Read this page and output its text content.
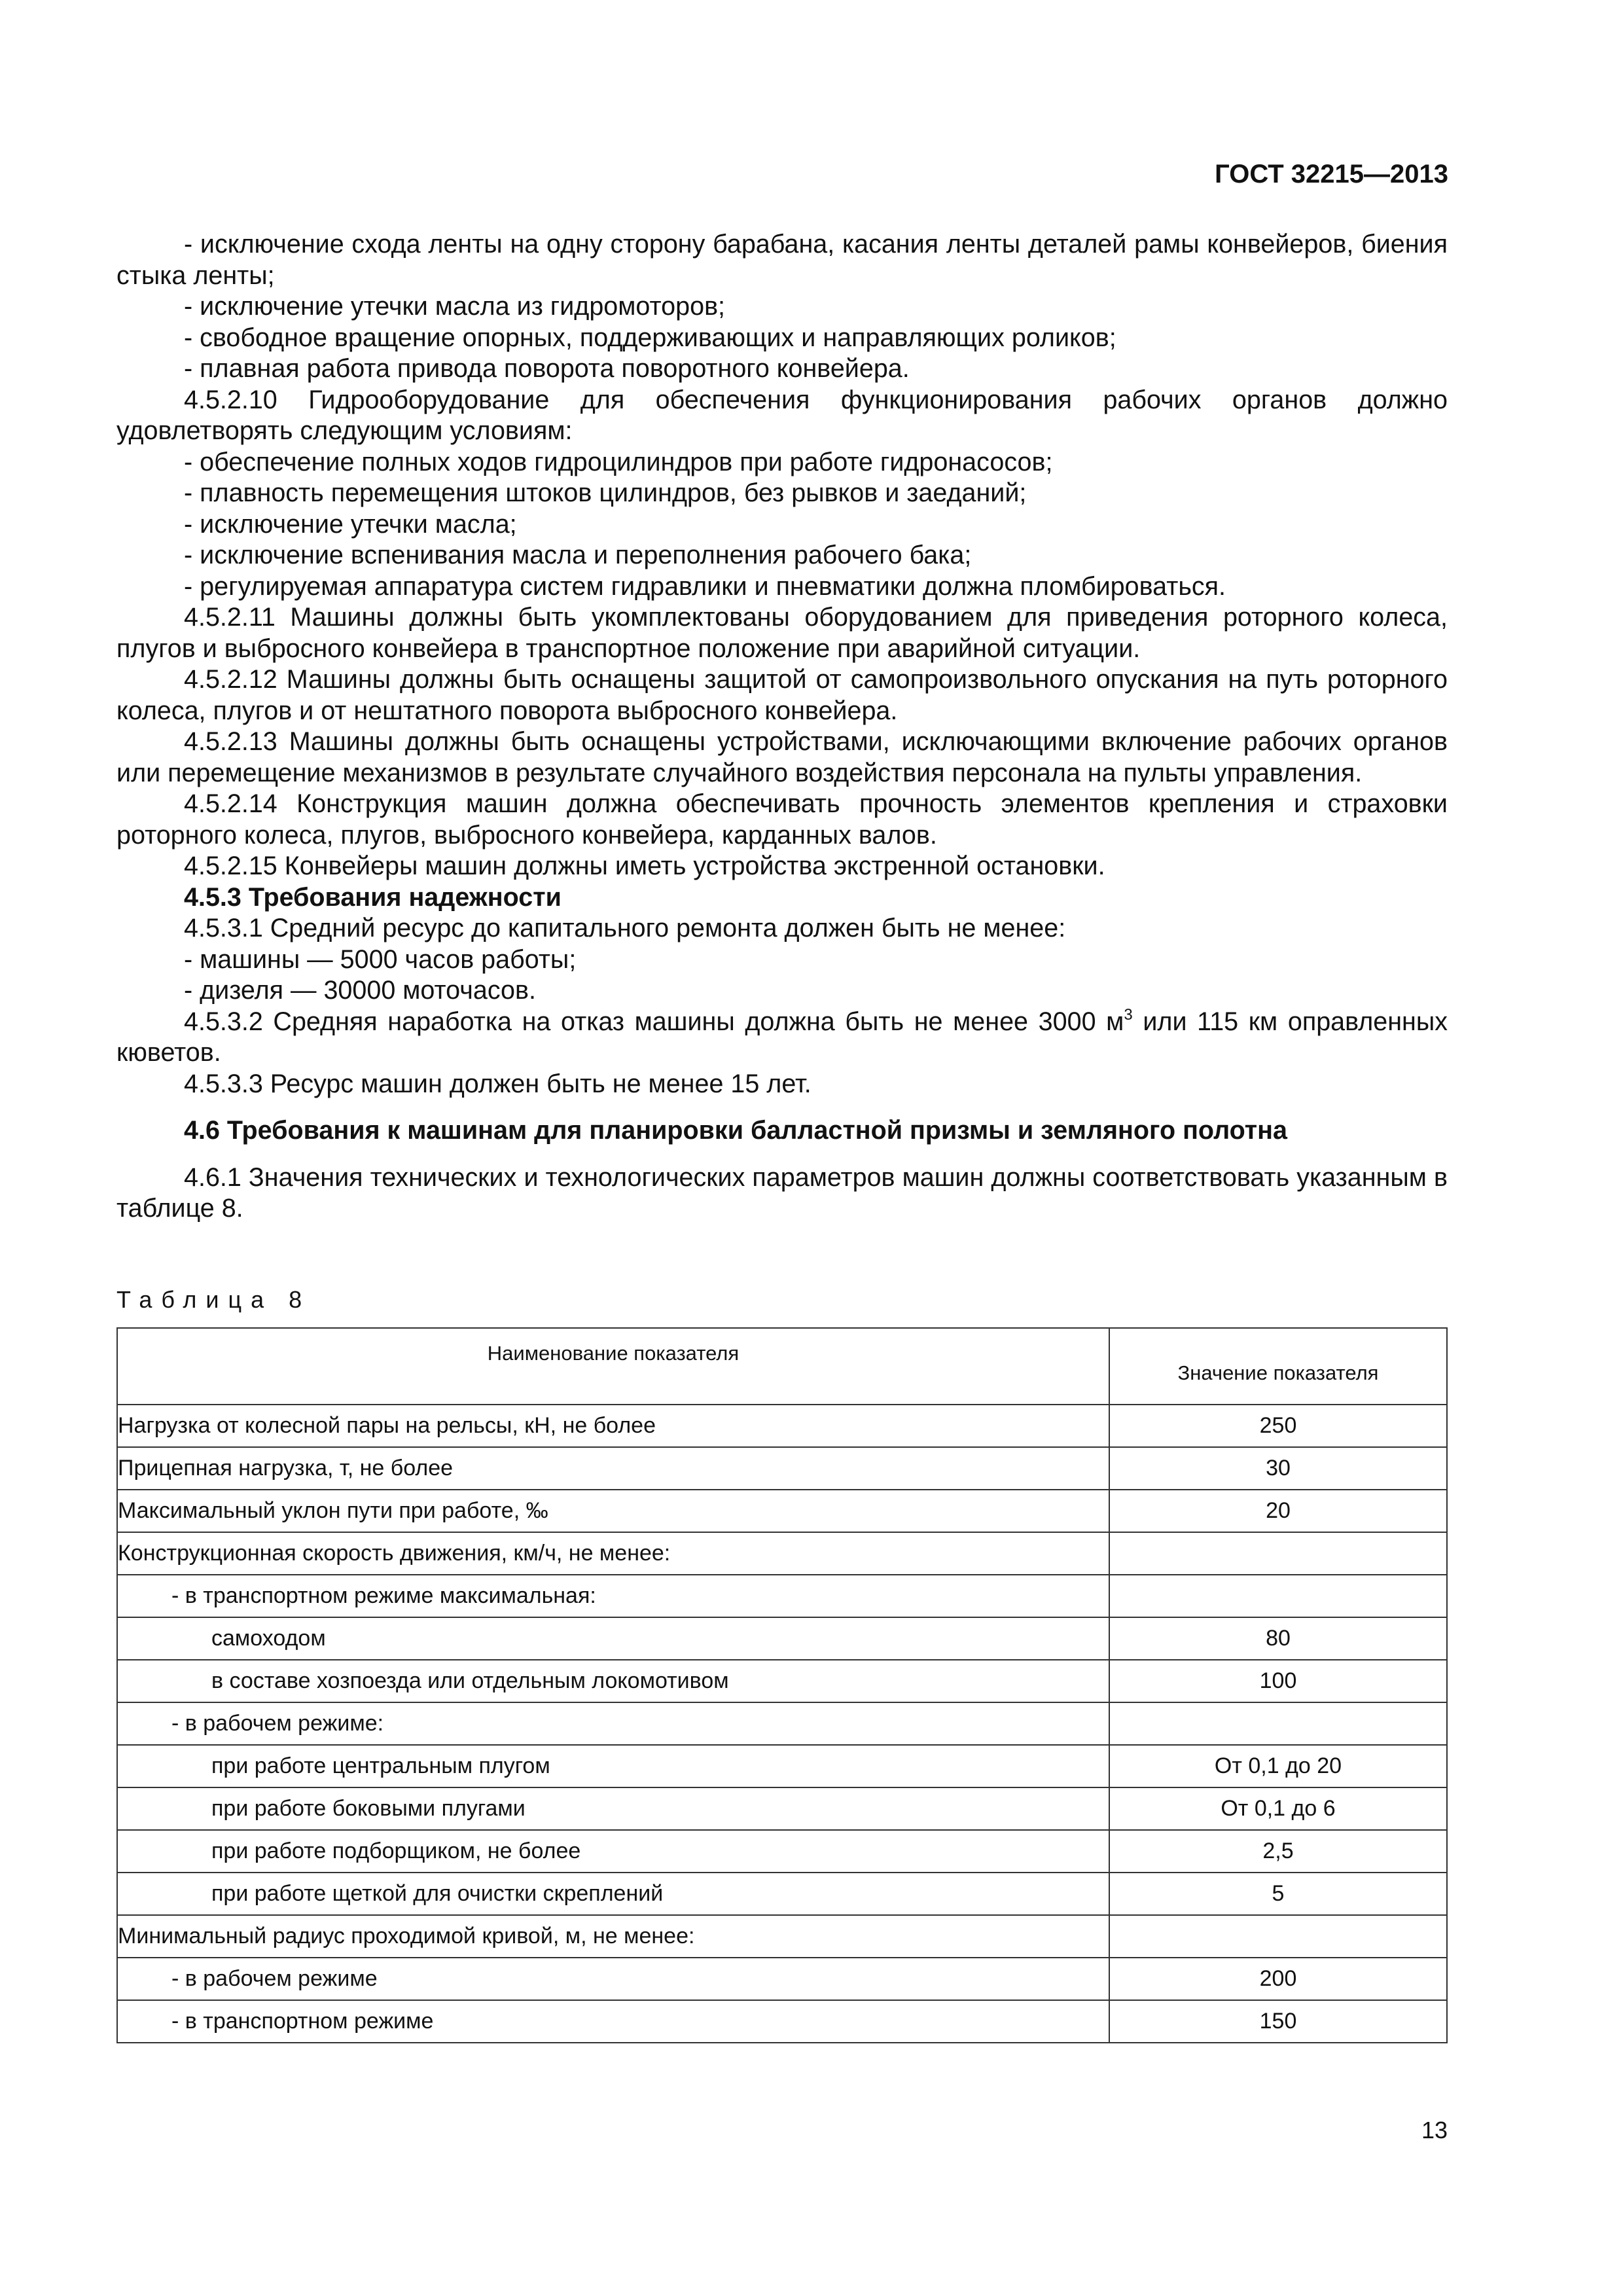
ГОСТ 32215—2013

- исключение схода ленты на одну сторону барабана, касания ленты деталей рамы конвейеров, биения стыка ленты;

- исключение утечки масла из гидромоторов;

- свободное вращение опорных, поддерживающих и направляющих роликов;

- плавная работа привода поворота поворотного конвейера.

4.5.2.10 Гидрооборудование для обеспечения функционирования рабочих органов должно удовлетворять следующим условиям:

- обеспечение полных ходов гидроцилиндров при работе гидронасосов;

- плавность перемещения штоков цилиндров, без рывков и заеданий;

- исключение утечки масла;

- исключение вспенивания масла и переполнения рабочего бака;

- регулируемая аппаратура систем гидравлики и пневматики должна пломбироваться.

4.5.2.11 Машины должны быть укомплектованы оборудованием для приведения роторного колеса, плугов и выбросного конвейера в транспортное положение при аварийной ситуации.

4.5.2.12 Машины должны быть оснащены защитой от самопроизвольного опускания на путь роторного колеса, плугов и от нештатного поворота выбросного конвейера.

4.5.2.13 Машины должны быть оснащены устройствами, исключающими включение рабочих органов или перемещение механизмов в результате случайного воздействия персонала на пульты управления.

4.5.2.14 Конструкция машин должна обеспечивать прочность элементов крепления и страховки роторного колеса, плугов, выбросного конвейера, карданных валов.

4.5.2.15 Конвейеры машин должны иметь устройства экстренной остановки.

4.5.3 Требования надежности

4.5.3.1 Средний ресурс до капитального ремонта должен быть не менее:

- машины — 5000 часов работы;

- дизеля — 30000 моточасов.

4.5.3.2 Средняя наработка на отказ машины должна быть не менее 3000 $м^3$ или 115 км оправленных кюветов.

4.5.3.3 Ресурс машин должен быть не менее 15 лет.

4.6 Требования к машинам для планировки балластной призмы и земляного полотна

4.6.1 Значения технических и технологических параметров машин должны соответствовать указанным в таблице 8.

Таблица 8
Наименование показателя	Значение показателя
Нагрузка от колесной пары на рельсы, кН, не более	250
Прицепная нагрузка, т, не более	30
Максимальный уклон пути при работе, ‰	20
Конструкционная скорость движения, км/ч, не менее:	
- в транспортном режиме максимальная:	
самоходом	80
в составе хозпоезда или отдельным локомотивом	100
- в рабочем режиме:	
при работе центральным плугом	От 0,1 до 20
при работе боковыми плугами	От 0,1 до 6
при работе подборщиком, не более	2,5
при работе щеткой для очистки скреплений	5
Минимальный радиус проходимой кривой, м, не менее:	
- в рабочем режиме	200
- в транспортном режиме	150
13
